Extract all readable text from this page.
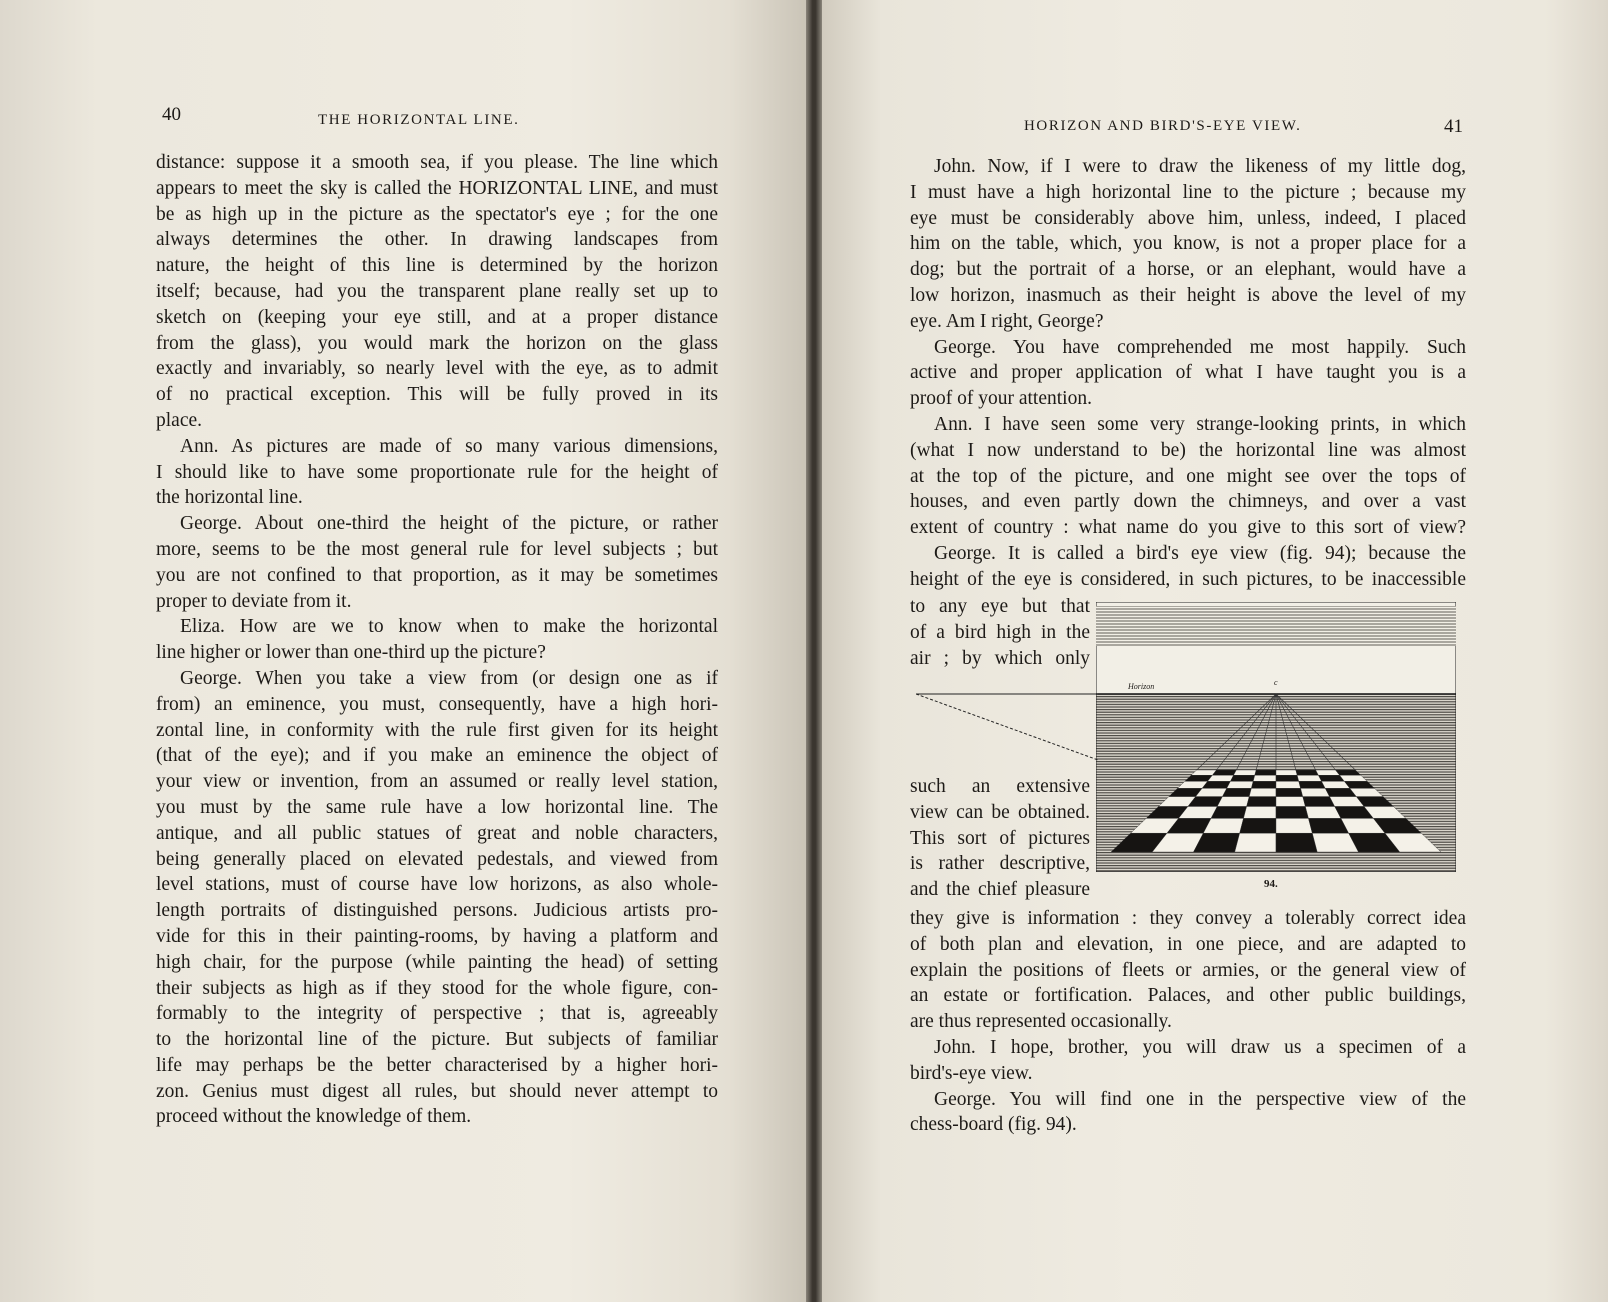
40	THE HORIZONTAL LINE.
distance: suppose it a smooth sea, if you please. The line which
appears to meet the sky is called the HORIZONTAL LINE, and must
be as high up in the picture as the spectator's eye ; for the one
always determines the other. In drawing landscapes from
nature, the height of this line is determined by the horizon
itself; because, had you the transparent plane really set up to
sketch on (keeping your eye still, and at a proper distance
from the glass), you would mark the horizon on the glass
exactly and invariably, so nearly level with the eye, as to admit
of no practical exception. This will be fully proved in its
place.
Ann. As pictures are made of so many various dimensions,
I should like to have some proportionate rule for the height of
the horizontal line.
George. About one-third the height of the picture, or rather
more, seems to be the most general rule for level subjects ; but
you are not confined to that proportion, as it may be sometimes
proper to deviate from it.
Eliza. How are we to know when to make the horizontal
line higher or lower than one-third up the picture?
George. When you take a view from (or design one as if
from) an eminence, you must, consequently, have a high hori-
zontal line, in conformity with the rule first given for its height
(that of the eye); and if you make an eminence the object of
your view or invention, from an assumed or really level station,
you must by the same rule have a low horizontal line. The
antique, and all public statues of great and noble characters,
being generally placed on elevated pedestals, and viewed from
level stations, must of course have low horizons, as also whole-
length portraits of distinguished persons. Judicious artists pro-
vide for this in their painting-rooms, by having a platform and
high chair, for the purpose (while painting the head) of setting
their subjects as high as if they stood for the whole figure, con-
formably to the integrity of perspective ; that is, agreeably
to the horizontal line of the picture. But subjects of familiar
life may perhaps be the better characterised by a higher hori-
zon. Genius must digest all rules, but should never attempt to
proceed without the knowledge of them.
HORIZON AND BIRD'S-EYE VIEW.	41
John. Now, if I were to draw the likeness of my little dog,
I must have a high horizontal line to the picture ; because my
eye must be considerably above him, unless, indeed, I placed
him on the table, which, you know, is not a proper place for a
dog; but the portrait of a horse, or an elephant, would have a
low horizon, inasmuch as their height is above the level of my
eye. Am I right, George?
George. You have comprehended me most happily. Such
active and proper application of what I have taught you is a
proof of your attention.
Ann. I have seen some very strange-looking prints, in which
(what I now understand to be) the horizontal line was almost
at the top of the picture, and one might see over the tops of
houses, and even partly down the chimneys, and over a vast
extent of country : what name do you give to this sort of view?
George. It is called a bird's eye view (fig. 94); because the
height of the eye is considered, in such pictures, to be inaccessible
to any eye but that
of a bird high in the
air ; by which only
such an extensive
view can be obtained.
This sort of pictures
is rather descriptive,
and the chief pleasure
Horizon	c
94.
they give is information : they convey a tolerably correct idea
of both plan and elevation, in one piece, and are adapted to
explain the positions of fleets or armies, or the general view of
an estate or fortification. Palaces, and other public buildings,
are thus represented occasionally.
John. I hope, brother, you will draw us a specimen of a
bird's-eye view.
George. You will find one in the perspective view of the
chess-board (fig. 94).
